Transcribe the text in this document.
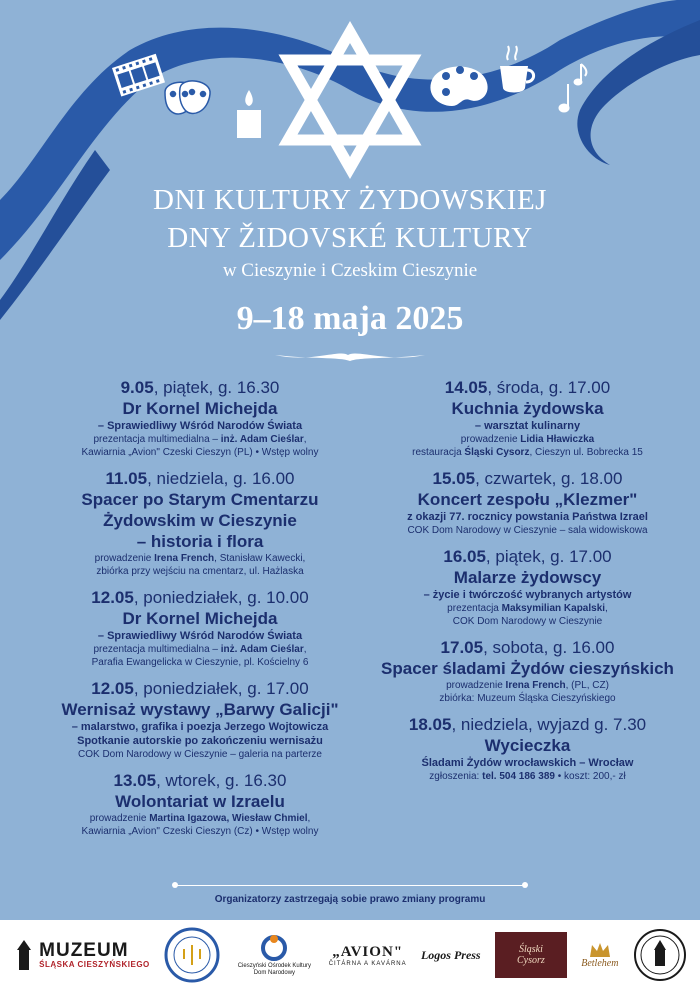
DNI KULTURY ŻYDOWSKIEJ
DNY ŽIDOVSKÉ KULTURY
w Cieszynie i Czeskim Cieszynie
9–18 maja 2025
9.05, piątek, g. 16.30
Dr Kornel Michejda
– Sprawiedliwy Wśród Narodów Świata
prezentacja multimedialna – inż. Adam Cieślar,
Kawiarnia „Avion" Czeski Cieszyn (PL) • Wstęp wolny
11.05, niedziela, g. 16.00
Spacer po Starym Cmentarzu
Żydowskim w Cieszynie
– historia i flora
prowadzenie Irena French, Stanisław Kawecki,
zbiórka przy wejściu na cmentarz, ul. Hażlaska
12.05, poniedziałek, g. 10.00
Dr Kornel Michejda
– Sprawiedliwy Wśród Narodów Świata
prezentacja multimedialna – inż. Adam Cieślar,
Parafia Ewangelicka w Cieszynie, pl. Kościelny 6
12.05, poniedziałek, g. 17.00
Wernisaż wystawy „Barwy Galicji"
– malarstwo, grafika i poezja Jerzego Wojtowicza
Spotkanie autorskie po zakończeniu wernisażu
COK Dom Narodowy w Cieszynie – galeria na parterze
13.05, wtorek, g. 16.30
Wolontariat w Izraelu
prowadzenie Martina Igazowa, Wiesław Chmiel,
Kawiarnia „Avion" Czeski Cieszyn (Cz) • Wstęp wolny
14.05, środa, g. 17.00
Kuchnia żydowska
– warsztat kulinarny
prowadzenie Lidia Hławiczka
restauracja Śląski Cysorz, Cieszyn ul. Bobrecka 15
15.05, czwartek, g. 18.00
Koncert zespołu „Klezmer"
z okazji 77. rocznicy powstania Państwa Izrael
COK Dom Narodowy w Cieszynie – sala widowiskowa
16.05, piątek, g. 17.00
Malarze żydowscy
– życie i twórczość wybranych artystów
prezentacja Maksymilian Kapalski,
COK Dom Narodowy w Cieszynie
17.05, sobota, g. 16.00
Spacer śladami Żydów cieszyńskich
prowadzenie Irena French, (PL, CZ)
zbiórka: Muzeum Śląska Cieszyńskiego
18.05, niedziela, wyjazd g. 7.30
Wycieczka
Śladami Żydów wrocławskich – Wrocław
zgłoszenia: tel. 504 186 389 • koszt: 200,- zł
Organizatorzy zastrzegają sobie prawo zmiany programu
MUZEUM
ŚLĄSKA CIESZYŃSKIEGO	Cieszyński Ośrodek Kultury
Dom Narodowy
„AVION"
ČITÁRNA A KAVÁRNA
Logos Press	Śląski
Cysorz	Betlehem
